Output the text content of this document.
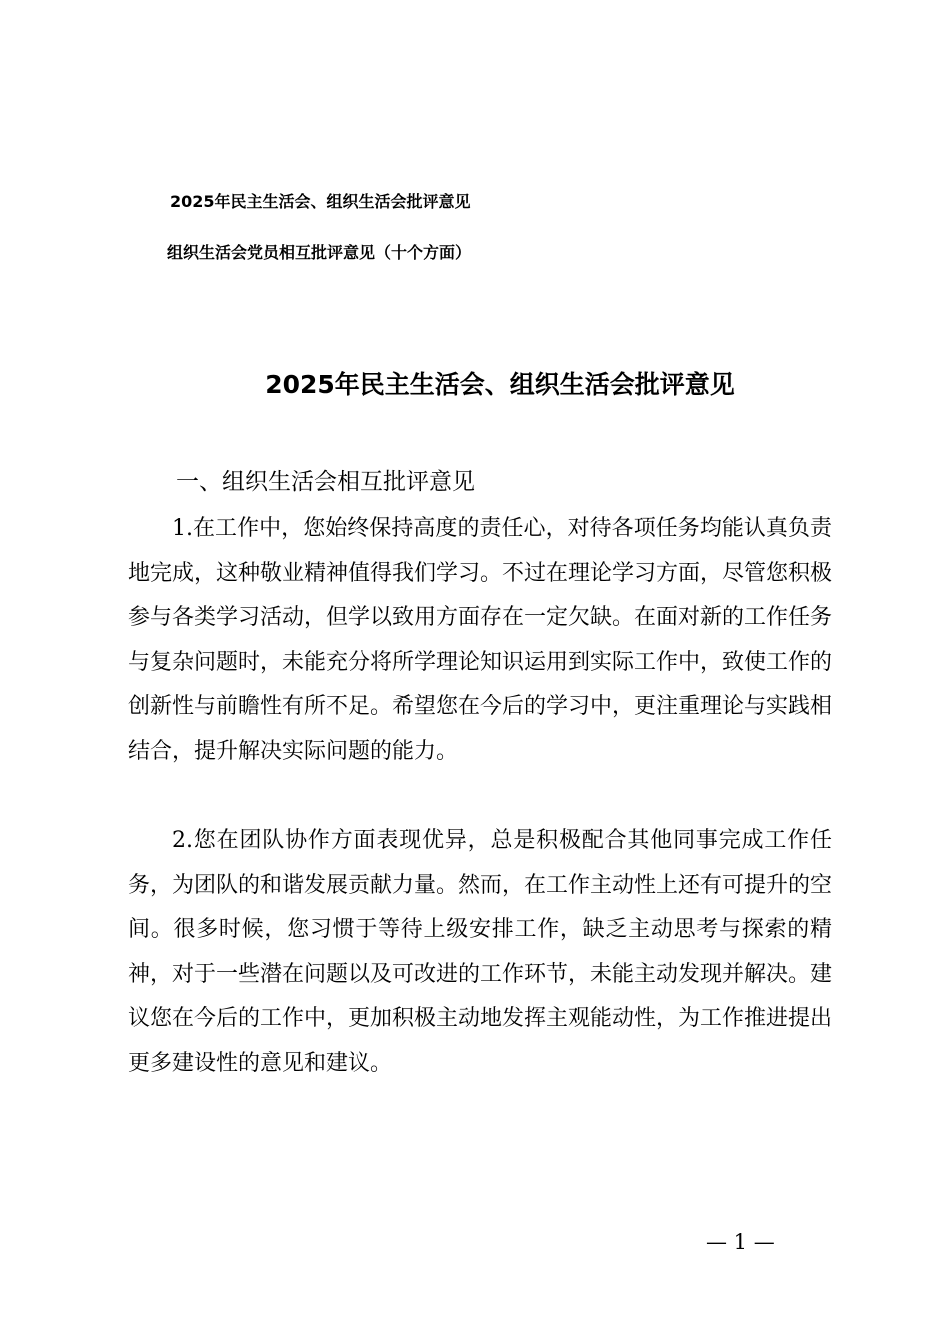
2025年民主生活会、组织生活会批评意见
组织生活会党员相互批评意见（十个方面）
2025年民主生活会、组织生活会批评意见
一、组织生活会相互批评意见

1.在工作中，您始终保持高度的责任心，对待各项任务均能认真负责地完成，这种敬业精神值得我们学习。不过在理论学习方面，尽管您积极参与各类学习活动，但学以致用方面存在一定欠缺。在面对新的工作任务与复杂问题时，未能充分将所学理论知识运用到实际工作中，致使工作的创新性与前瞻性有所不足。希望您在今后的学习中，更注重理论与实践相结合，提升解决实际问题的能力。

2.您在团队协作方面表现优异，总是积极配合其他同事完成工作任务，为团队的和谐发展贡献力量。然而，在工作主动性上还有可提升的空间。很多时候，您习惯于等待上级安排工作，缺乏主动思考与探索的精神，对于一些潜在问题以及可改进的工作环节，未能主动发现并解决。建议您在今后的工作中，更加积极主动地发挥主观能动性，为工作推进提出更多建设性的意见和建议。

— 1 —
